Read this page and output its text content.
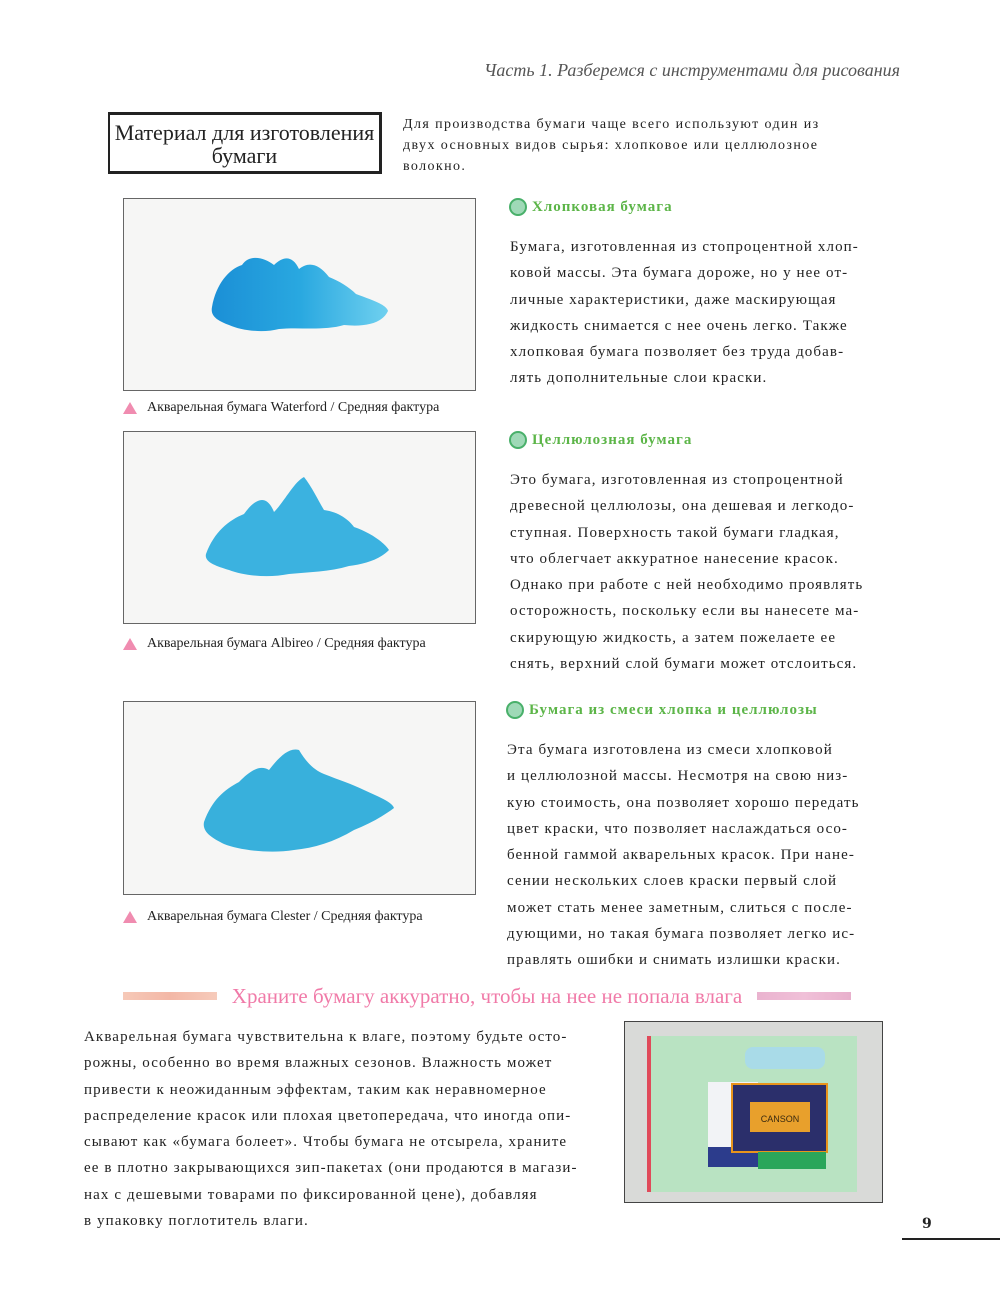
Часть 1. Разберемся с инструментами для рисования
Материал для изготовления
бумаги
Для производства бумаги чаще всего используют один из
двух основных видов сырья: хлопковое или целлюлозное
волокно.
Акварельная бумага Waterford / Средняя фактура
Акварельная бумага Albireo / Средняя фактура
Акварельная бумага Clester / Средняя фактура
Хлопковая бумага
Бумага, изготовленная из стопроцентной хлоп-
ковой массы. Эта бумага дороже, но у нее от-
личные характеристики, даже маскирующая
жидкость снимается с нее очень легко. Также
хлопковая бумага позволяет без труда добав-
лять дополнительные слои краски.
Целлюлозная бумага
Это бумага, изготовленная из стопроцентной
древесной целлюлозы, она дешевая и легкодо-
ступная. Поверхность такой бумаги гладкая,
что облегчает аккуратное нанесение красок.
Однако при работе с ней необходимо проявлять
осторожность, поскольку если вы нанесете ма-
скирующую жидкость, а затем пожелаете ее
снять, верхний слой бумаги может отслоиться.
Бумага из смеси хлопка и целлюлозы
Эта бумага изготовлена из смеси хлопковой
и целлюлозной массы. Несмотря на свою низ-
кую стоимость, она позволяет хорошо передать
цвет краски, что позволяет наслаждаться осо-
бенной гаммой акварельных красок. При нане-
сении нескольких слоев краски первый слой
может стать менее заметным, слиться с после-
дующими, но такая бумага позволяет легко ис-
правлять ошибки и снимать излишки краски.
Храните бумагу аккуратно, чтобы на нее не попала влага
Акварельная бумага чувствительна к влаге, поэтому будьте осто-
рожны, особенно во время влажных сезонов. Влажность может
привести к неожиданным эффектам, таким как неравномерное
распределение красок или плохая цветопередача, что иногда опи-
сывают как «бумага болеет». Чтобы бумага не отсырела, храните
ее в плотно закрывающихся зип-пакетах (они продаются в магази-
нах с дешевыми товарами по фиксированной цене), добавляя
в упаковку поглотитель влаги.
CANSON
9
